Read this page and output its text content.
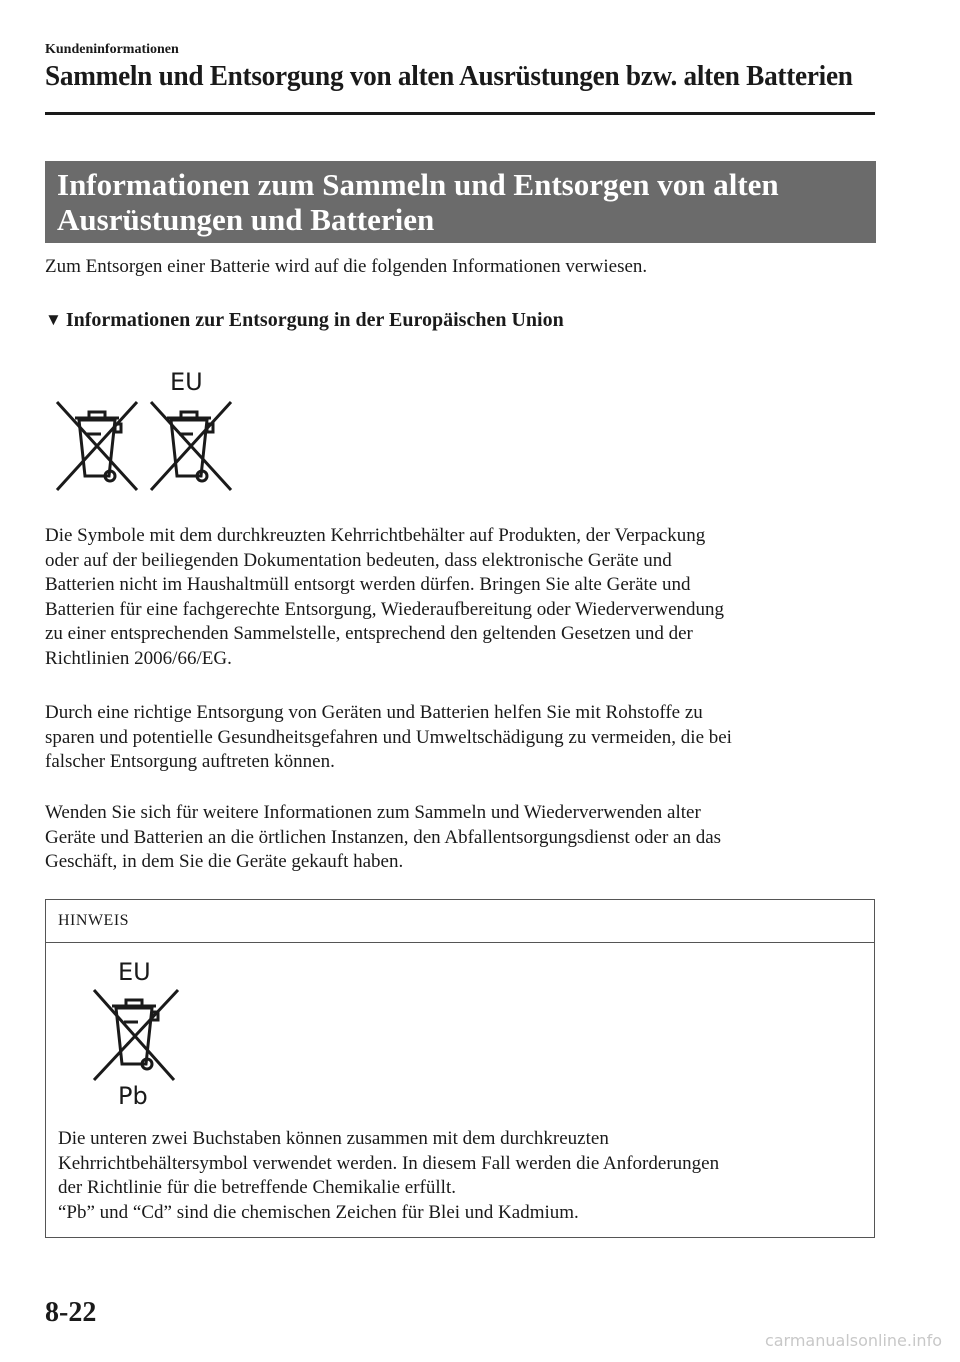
Kundeninformationen
Sammeln und Entsorgung von alten Ausrüstungen bzw. alten Batterien
Informationen zum Sammeln und Entsorgen von alten
Ausrüstungen und Batterien
Zum Entsorgen einer Batterie wird auf die folgenden Informationen verwiesen.
▼ Informationen zur Entsorgung in der Europäischen Union
EU
Die Symbole mit dem durchkreuzten Kehrrichtbehälter auf Produkten, der Verpackung
oder auf der beiliegenden Dokumentation bedeuten, dass elektronische Geräte und
Batterien nicht im Haushaltmüll entsorgt werden dürfen. Bringen Sie alte Geräte und
Batterien für eine fachgerechte Entsorgung, Wiederaufbereitung oder Wiederverwendung
zu einer entsprechenden Sammelstelle, entsprechend den geltenden Gesetzen und der
Richtlinien 2006/66/EG.
Durch eine richtige Entsorgung von Geräten und Batterien helfen Sie mit Rohstoffe zu
sparen und potentielle Gesundheitsgefahren und Umweltschädigung zu vermeiden, die bei
falscher Entsorgung auftreten können.
Wenden Sie sich für weitere Informationen zum Sammeln und Wiederverwenden alter
Geräte und Batterien an die örtlichen Instanzen, den Abfallentsorgungsdienst oder an das
Geschäft, in dem Sie die Geräte gekauft haben.
HINWEIS
EU
Pb
Die unteren zwei Buchstaben können zusammen mit dem durchkreuzten
Kehrrichtbehältersymbol verwendet werden. In diesem Fall werden die Anforderungen
der Richtlinie für die betreffende Chemikalie erfüllt.
“Pb” und “Cd” sind die chemischen Zeichen für Blei und Kadmium.
8-22
carmanualsonline.info
